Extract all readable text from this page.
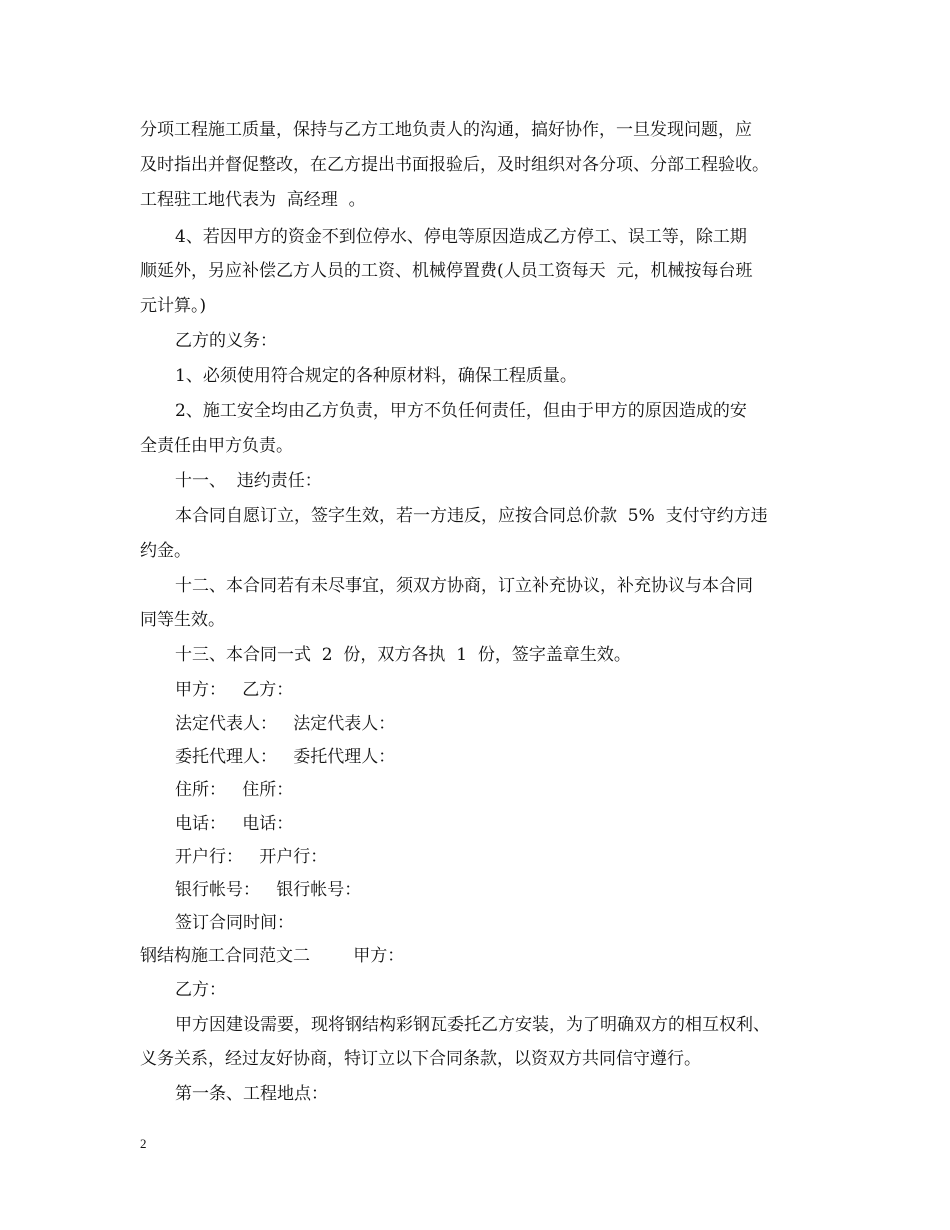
分项工程施工质量，保持与乙方工地负责人的沟通，搞好协作，一旦发现问题，应
及时指出并督促整改，在乙方提出书面报验后，及时组织对各分项、分部工程验收。
工程驻工地代表为  高经理  。
4、若因甲方的资金不到位停水、停电等原因造成乙方停工、误工等，除工期
顺延外，另应补偿乙方人员的工资、机械停置费(人员工资每天  元，机械按每台班
元计算。)
乙方的义务：
1、必须使用符合规定的各种原材料，确保工程质量。
2、施工安全均由乙方负责，甲方不负任何责任，但由于甲方的原因造成的安
全责任由甲方负责。
十一、  违约责任：
本合同自愿订立，签字生效，若一方违反，应按合同总价款  5%  支付守约方违
约金。
十二、本合同若有未尽事宜，须双方协商，订立补充协议，补充协议与本合同
同等生效。
十三、本合同一式  2  份，双方各执  1  份，签字盖章生效。
甲方：   乙方：
法定代表人：   法定代表人：
委托代理人：   委托代理人：
住所：   住所：
电话：   电话：
开户行：   开户行：
银行帐号：   银行帐号：
签订合同时间：
钢结构施工合同范文二        甲方：
乙方：
甲方因建设需要，现将钢结构彩钢瓦委托乙方安装，为了明确双方的相互权利、
义务关系，经过友好协商，特订立以下合同条款，以资双方共同信守遵行。
第一条、工程地点：
2
